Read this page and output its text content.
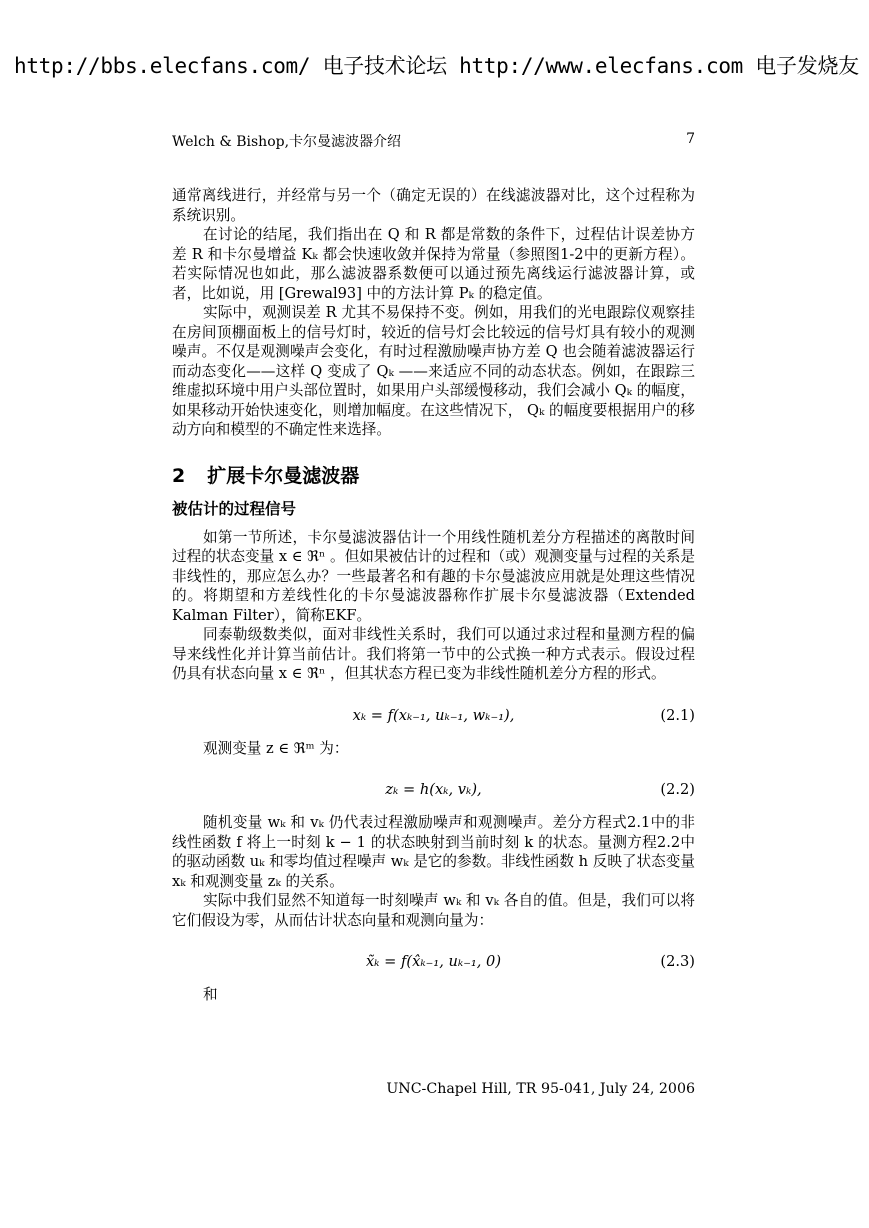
http://bbs.elecfans.com/ 电子技术论坛 http://www.elecfans.com 电子发烧友
Welch & Bishop,卡尔曼滤波器介绍	7

通常离线进行，并经常与另一个（确定无误的）在线滤波器对比，这个过程称为系统识别。

在讨论的结尾，我们指出在 Q 和 R 都是常数的条件下，过程估计误差协方差 R 和卡尔曼增益 Kₖ 都会快速收敛并保持为常量（参照图1-2中的更新方程）。若实际情况也如此，那么滤波器系数便可以通过预先离线运行滤波器计算，或者，比如说，用 [Grewal93] 中的方法计算 Pₖ 的稳定值。

实际中，观测误差 R 尤其不易保持不变。例如，用我们的光电跟踪仪观察挂在房间顶棚面板上的信号灯时，较近的信号灯会比较远的信号灯具有较小的观测噪声。不仅是观测噪声会变化，有时过程激励噪声协方差 Q 也会随着滤波器运行而动态变化——这样 Q 变成了 Qₖ ——来适应不同的动态状态。例如，在跟踪三维虚拟环境中用户头部位置时，如果用户头部缓慢移动，我们会减小 Qₖ 的幅度，如果移动开始快速变化，则增加幅度。在这些情况下， Qₖ 的幅度要根据用户的移动方向和模型的不确定性来选择。

2 扩展卡尔曼滤波器
被估计的过程信号

如第一节所述，卡尔曼滤波器估计一个用线性随机差分方程描述的离散时间过程的状态变量 x ∈ ℜⁿ 。但如果被估计的过程和（或）观测变量与过程的关系是非线性的，那应怎么办？一些最著名和有趣的卡尔曼滤波应用就是处理这些情况的。将期望和方差线性化的卡尔曼滤波器称作扩展卡尔曼滤波器（Extended Kalman Filter），简称EKF。

同泰勒级数类似，面对非线性关系时，我们可以通过求过程和量测方程的偏导来线性化并计算当前估计。我们将第一节中的公式换一种方式表示。假设过程仍具有状态向量 x ∈ ℜⁿ ，但其状态方程已变为非线性随机差分方程的形式。

xₖ = f(xₖ₋₁, uₖ₋₁, wₖ₋₁),	(2.1)

观测变量 z ∈ ℜᵐ 为：

zₖ = h(xₖ, vₖ),	(2.2)

随机变量 wₖ 和 vₖ 仍代表过程激励噪声和观测噪声。差分方程式2.1中的非线性函数 f 将上一时刻 k − 1 的状态映射到当前时刻 k 的状态。量测方程2.2中的驱动函数 uₖ 和零均值过程噪声 wₖ 是它的参数。非线性函数 h 反映了状态变量 xₖ 和观测变量 zₖ 的关系。

实际中我们显然不知道每一时刻噪声 wₖ 和 vₖ 各自的值。但是，我们可以将它们假设为零，从而估计状态向量和观测向量为：

x̃ₖ = f(x̂ₖ₋₁, uₖ₋₁, 0)	(2.3)

和

UNC-Chapel Hill, TR 95-041, July 24, 2006
